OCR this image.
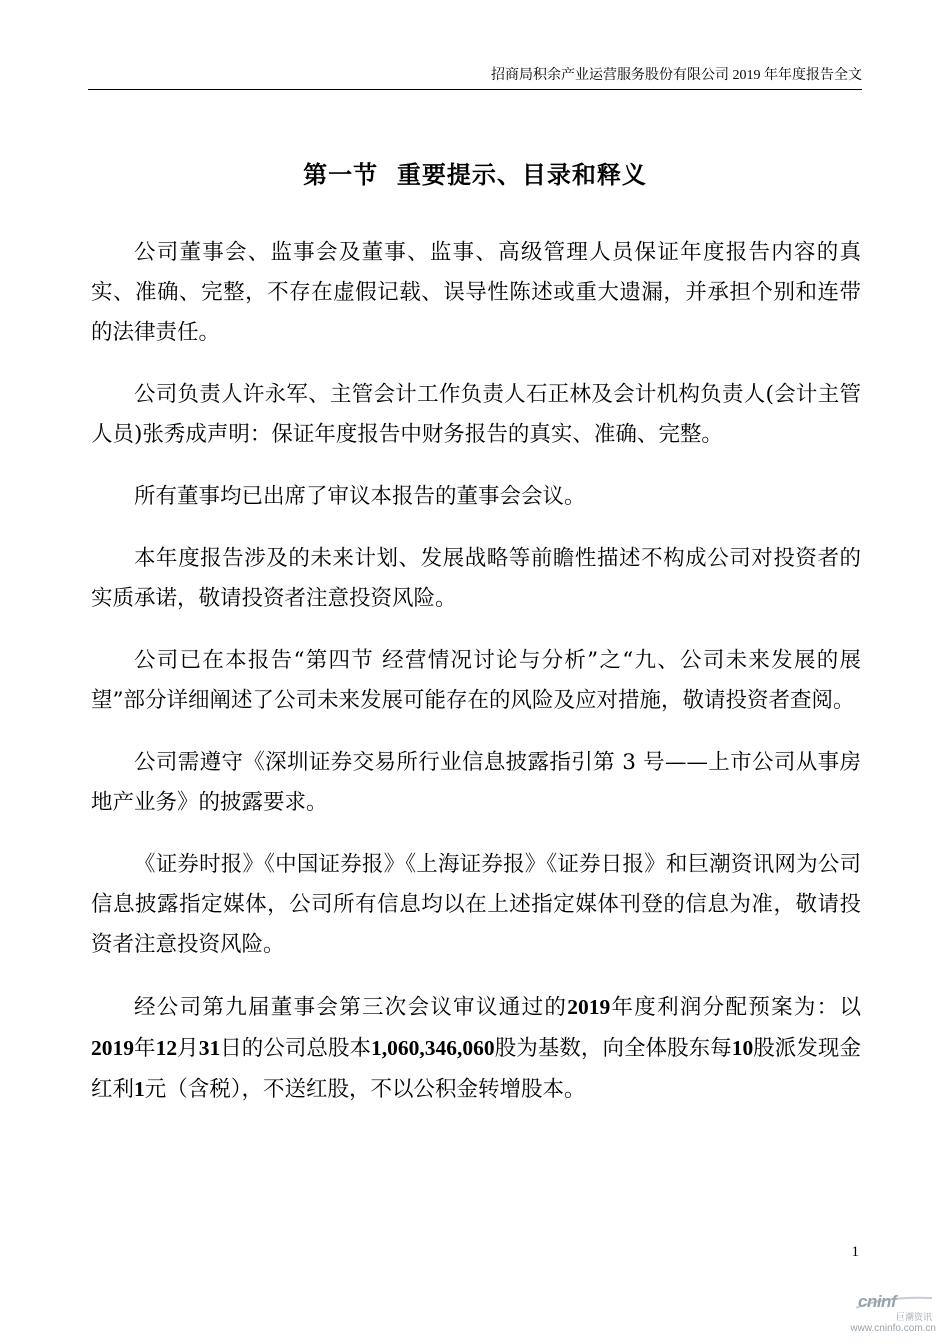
招商局积余产业运营服务股份有限公司 2019 年年度报告全文
第一节  重要提示、目录和释义

公司董事会、监事会及董事、监事、高级管理人员保证年度报告内容的真实、准确、完整，不存在虚假记载、误导性陈述或重大遗漏，并承担个别和连带的法律责任。

公司负责人许永军、主管会计工作负责人石正林及会计机构负责人(会计主管人员)张秀成声明：保证年度报告中财务报告的真实、准确、完整。

所有董事均已出席了审议本报告的董事会会议。

本年度报告涉及的未来计划、发展战略等前瞻性描述不构成公司对投资者的实质承诺，敬请投资者注意投资风险。

公司已在本报告“第四节 经营情况讨论与分析”之“九、公司未来发展的展望”部分详细阐述了公司未来发展可能存在的风险及应对措施，敬请投资者查阅。

公司需遵守《深圳证券交易所行业信息披露指引第 3 号——上市公司从事房地产业务》的披露要求。

《证券时报》《中国证券报》《上海证券报》《证券日报》和巨潮资讯网为公司信息披露指定媒体，公司所有信息均以在上述指定媒体刊登的信息为准，敬请投资者注意投资风险。

经公司第九届董事会第三次会议审议通过的2019年度利润分配预案为：以2019年12月31日的公司总股本1,060,346,060股为基数，向全体股东每10股派发现金红利1元（含税），不送红股，不以公积金转增股本。

1
cninf
巨潮资讯
www.cninfo.com.cn
